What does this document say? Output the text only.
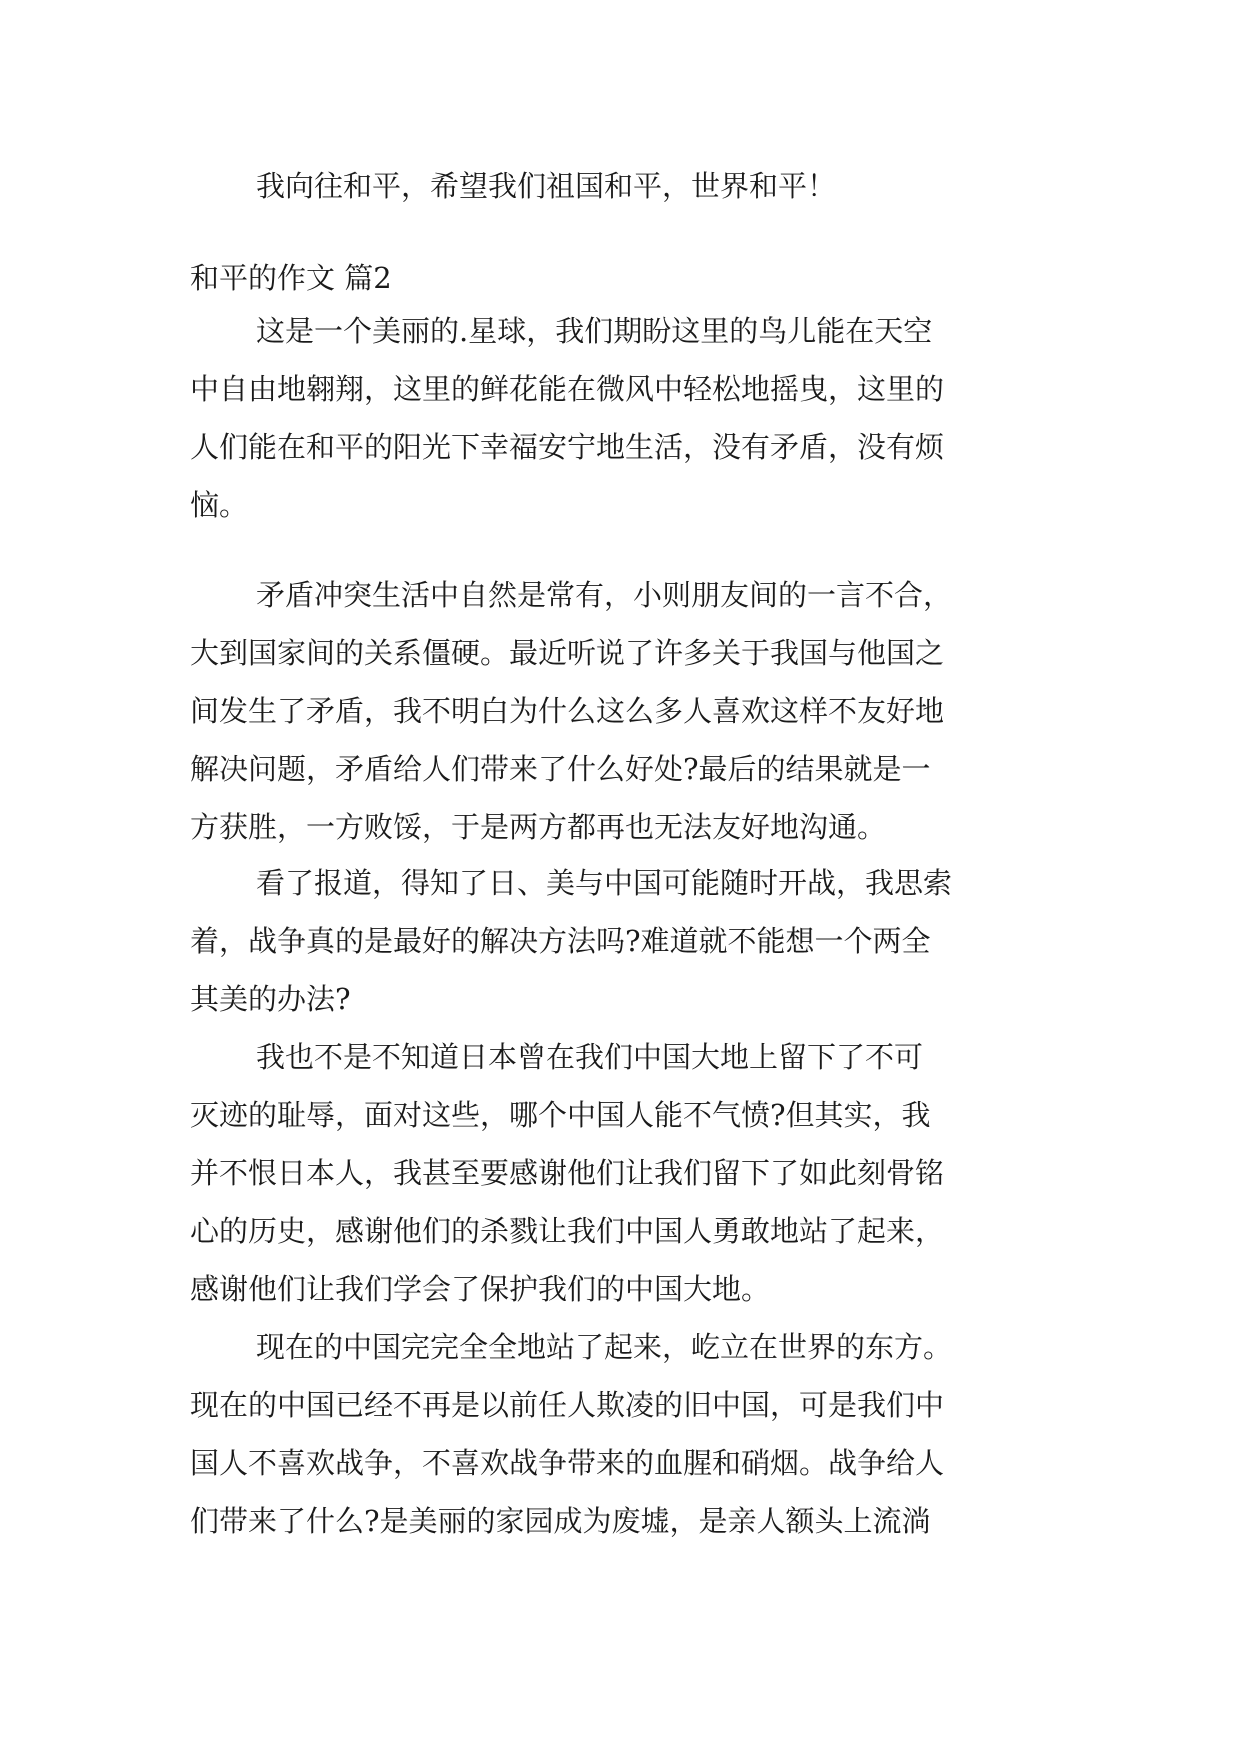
我向往和平，希望我们祖国和平，世界和平！
和平的作文 篇2
这是一个美丽的.星球，我们期盼这里的鸟儿能在天空
中自由地翱翔，这里的鲜花能在微风中轻松地摇曳，这里的
人们能在和平的阳光下幸福安宁地生活，没有矛盾，没有烦
恼。
矛盾冲突生活中自然是常有，小则朋友间的一言不合，
大到国家间的关系僵硬。最近听说了许多关于我国与他国之
间发生了矛盾，我不明白为什么这么多人喜欢这样不友好地
解决问题，矛盾给人们带来了什么好处?最后的结果就是一
方获胜，一方败馁，于是两方都再也无法友好地沟通。
看了报道，得知了日、美与中国可能随时开战，我思索
着，战争真的是最好的解决方法吗?难道就不能想一个两全
其美的办法?
我也不是不知道日本曾在我们中国大地上留下了不可
灭迹的耻辱，面对这些，哪个中国人能不气愤?但其实，我
并不恨日本人，我甚至要感谢他们让我们留下了如此刻骨铭
心的历史，感谢他们的杀戮让我们中国人勇敢地站了起来，
感谢他们让我们学会了保护我们的中国大地。
现在的中国完完全全地站了起来，屹立在世界的东方。
现在的中国已经不再是以前任人欺凌的旧中国，可是我们中
国人不喜欢战争，不喜欢战争带来的血腥和硝烟。战争给人
们带来了什么?是美丽的家园成为废墟，是亲人额头上流淌
